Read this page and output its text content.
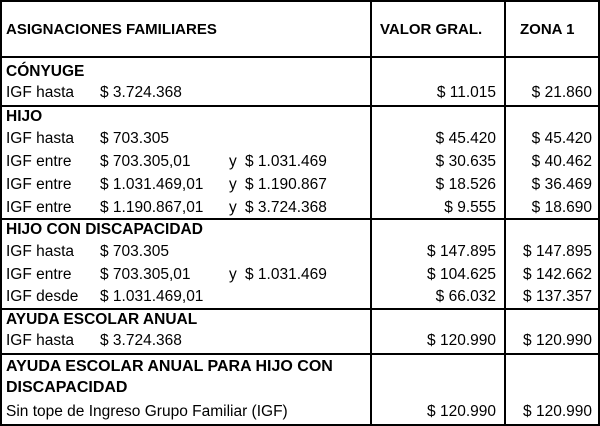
ASIGNACIONES FAMILIARES	VALOR GRAL.	ZONA 1
CÓNYUGE
IGF hasta $ 3.724.368	$ 11.015 $ 21.860
HIJO
IGF hasta $ 703.305	$ 45.420 $ 45.420
IGF entre $ 703.305,01 y $ 1.031.469	$ 30.635 $ 40.462
IGF entre $ 1.031.469,01 y $ 1.190.867	$ 18.526 $ 36.469
IGF entre $ 1.190.867,01 y $ 3.724.368	$ 9.555 $ 18.690
HIJO CON DISCAPACIDAD
IGF hasta $ 703.305	$ 147.895 $ 147.895
IGF entre $ 703.305,01 y $ 1.031.469	$ 104.625 $ 142.662
IGF desde $ 1.031.469,01	$ 66.032 $ 137.357
AYUDA ESCOLAR ANUAL
IGF hasta $ 3.724.368	$ 120.990 $ 120.990
AYUDA ESCOLAR ANUAL PARA HIJO CON
DISCAPACIDAD
Sin tope de Ingreso Grupo Familiar (IGF)	$ 120.990 $ 120.990
